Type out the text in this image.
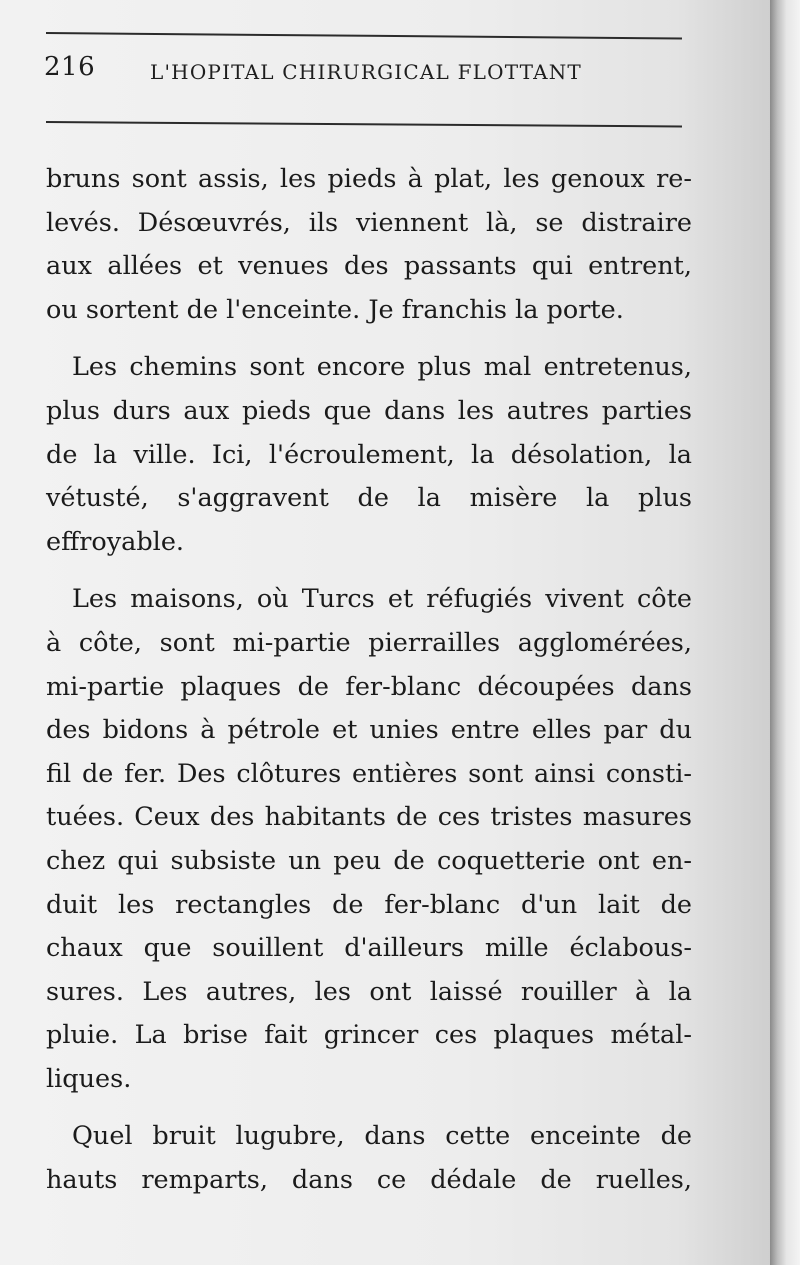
216	L'HOPITAL CHIRURGICAL FLOTTANT
bruns sont assis, les pieds à plat, les genoux re-
levés. Désœuvrés, ils viennent là, se distraire
aux allées et venues des passants qui entrent,
ou sortent de l'enceinte. Je franchis la porte.
Les chemins sont encore plus mal entretenus,
plus durs aux pieds que dans les autres parties
de la ville. Ici, l'écroulement, la désolation, la
vétusté, s'aggravent de la misère la plus
effroyable.
Les maisons, où Turcs et réfugiés vivent côte
à côte, sont mi-partie pierrailles agglomérées,
mi-partie plaques de fer-blanc découpées dans
des bidons à pétrole et unies entre elles par du
fil de fer. Des clôtures entières sont ainsi consti-
tuées. Ceux des habitants de ces tristes masures
chez qui subsiste un peu de coquetterie ont en-
duit les rectangles de fer-blanc d'un lait de
chaux que souillent d'ailleurs mille éclabous-
sures. Les autres, les ont laissé rouiller à la
pluie. La brise fait grincer ces plaques métal-
liques.
Quel bruit lugubre, dans cette enceinte de
hauts remparts, dans ce dédale de ruelles,
